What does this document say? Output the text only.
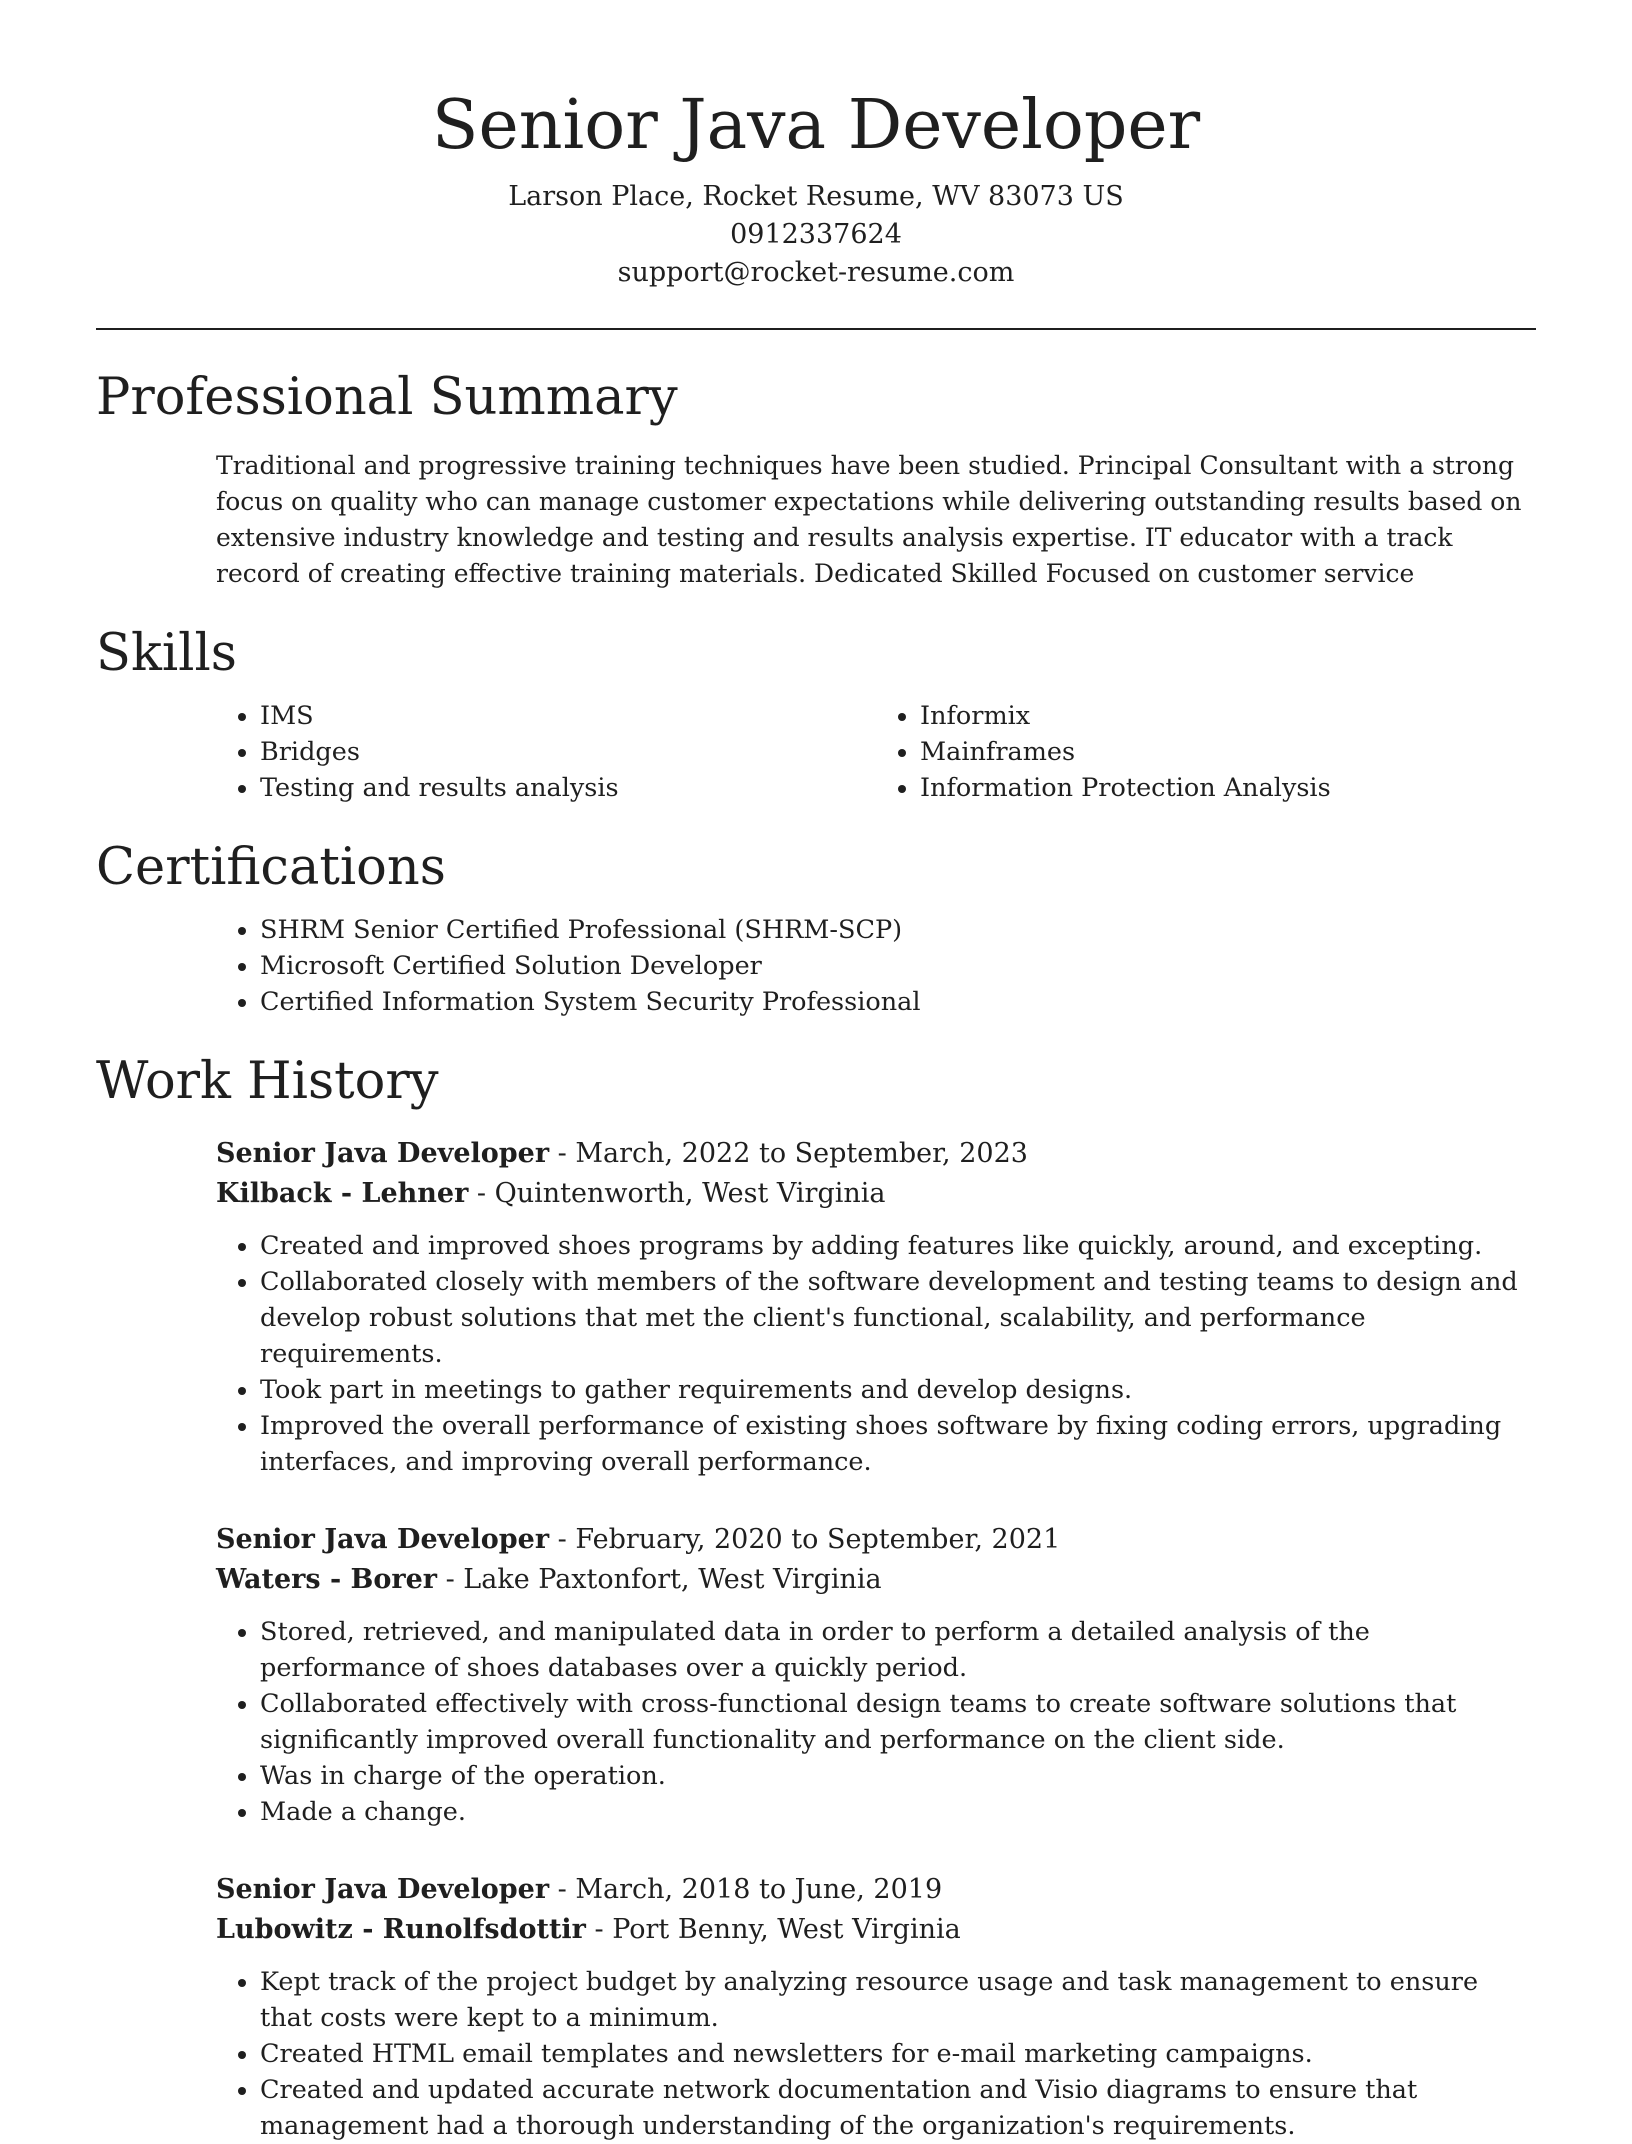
Senior Java Developer

Larson Place, Rocket Resume, WV 83073 US

0912337624

support@rocket-resume.com

Professional Summary

Traditional and progressive training techniques have been studied. Principal Consultant with a strong focus on quality who can manage customer expectations while delivering outstanding results based on extensive industry knowledge and testing and results analysis expertise. IT educator with a track record of creating effective training materials. Dedicated Skilled Focused on customer service

Skills
• IMS
• Bridges
• Testing and results analysis
• Informix
• Mainframes
• Information Protection Analysis
Certifications
• SHRM Senior Certified Professional (SHRM-SCP)
• Microsoft Certified Solution Developer
• Certified Information System Security Professional
Work History

Senior Java Developer - March, 2022 to September, 2023

Kilback - Lehner - Quintenworth, West Virginia

• Created and improved shoes programs by adding features like quickly, around, and excepting.
• Collaborated closely with members of the software development and testing teams to design and develop robust solutions that met the client's functional, scalability, and performance requirements.
• Took part in meetings to gather requirements and develop designs.
• Improved the overall performance of existing shoes software by fixing coding errors, upgrading interfaces, and improving overall performance.

Senior Java Developer - February, 2020 to September, 2021

Waters - Borer - Lake Paxtonfort, West Virginia

• Stored, retrieved, and manipulated data in order to perform a detailed analysis of the performance of shoes databases over a quickly period.
• Collaborated effectively with cross-functional design teams to create software solutions that significantly improved overall functionality and performance on the client side.
• Was in charge of the operation.
• Made a change.

Senior Java Developer - March, 2018 to June, 2019

Lubowitz - Runolfsdottir - Port Benny, West Virginia

• Kept track of the project budget by analyzing resource usage and task management to ensure that costs were kept to a minimum.
• Created HTML email templates and newsletters for e-mail marketing campaigns.
• Created and updated accurate network documentation and Visio diagrams to ensure that management had a thorough understanding of the organization's requirements.
